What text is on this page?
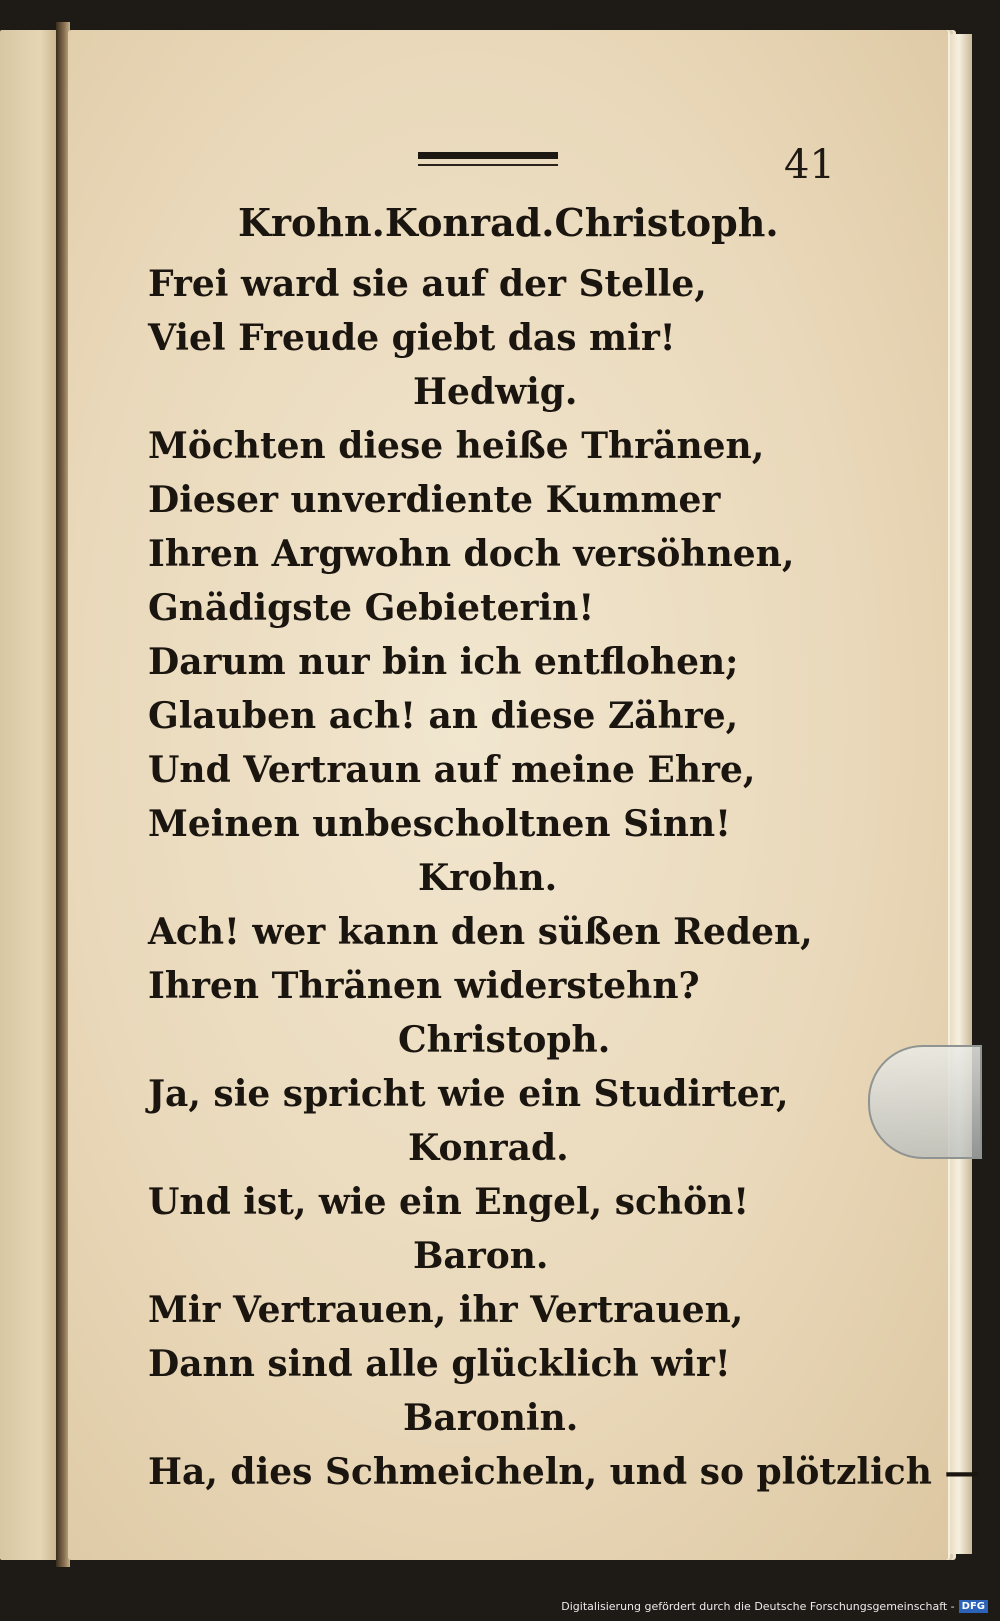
41
Krohn. Konrad. Christoph.
Frei ward sie auf der Stelle,
Viel Freude giebt das mir!
Hedwig.
Möchten diese heiße Thränen,
Dieser unverdiente Kummer
Ihren Argwohn doch versöhnen,
Gnädigste Gebieterin!
Darum nur bin ich entflohen;
Glauben ach! an diese Zähre,
Und Vertraun auf meine Ehre,
Meinen unbescholtnen Sinn!
Krohn.
Ach! wer kann den süßen Reden,
Ihren Thränen widerstehn?
Christoph.
Ja, sie spricht wie ein Studirter,
Konrad.
Und ist, wie ein Engel, schön!
Baron.
Mir Vertrauen, ihr Vertrauen,
Dann sind alle glücklich wir!
Baronin.
Ha, dies Schmeicheln, und so plötzlich —
Digitalisierung gefördert durch die Deutsche Forschungsgemeinschaft - DFG
